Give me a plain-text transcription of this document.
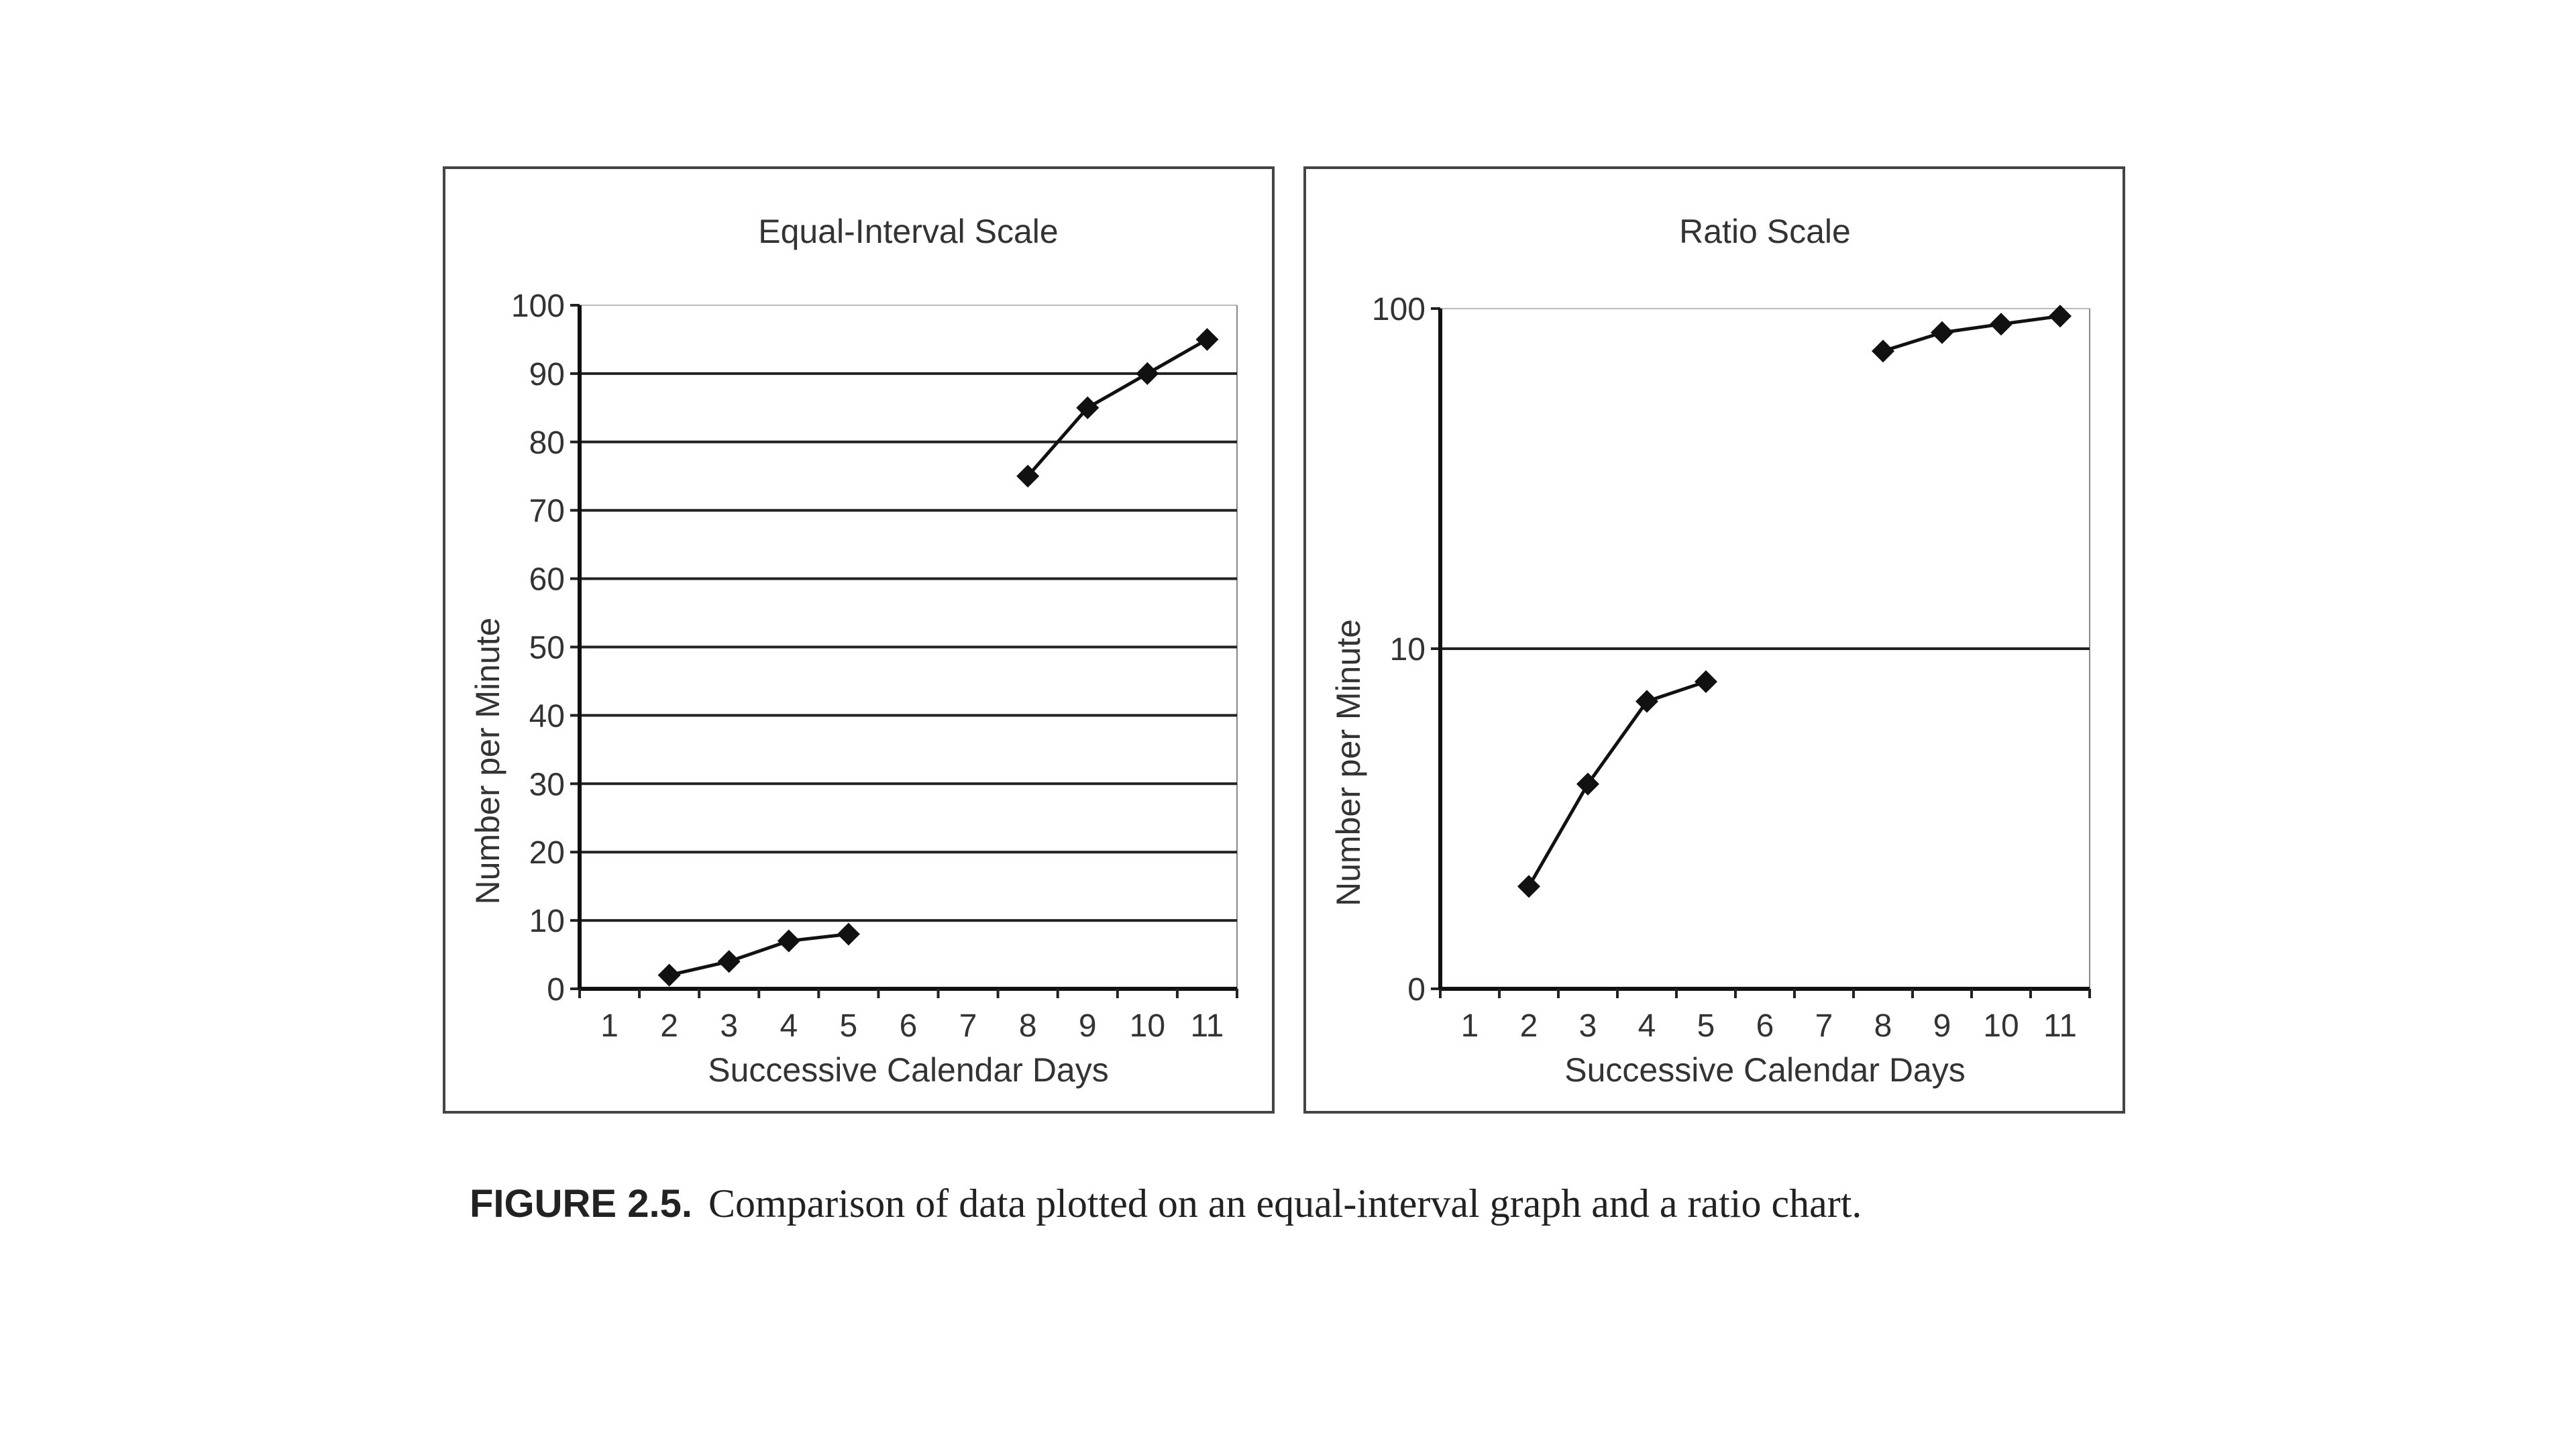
Equal-Interval Scale
0
10
20
30
40
50
60
70
80
90
100
1 2 3 4 5 6 7 8 9 10 11
Successive Calendar Days
Number per Minute
Ratio Scale
0
10
100
1 2 3 4 5 6 7 8 9 10 11
Successive Calendar Days
Number per Minute
FIGURE 2.5. Comparison of data plotted on an equal-interval graph and a ratio chart.
